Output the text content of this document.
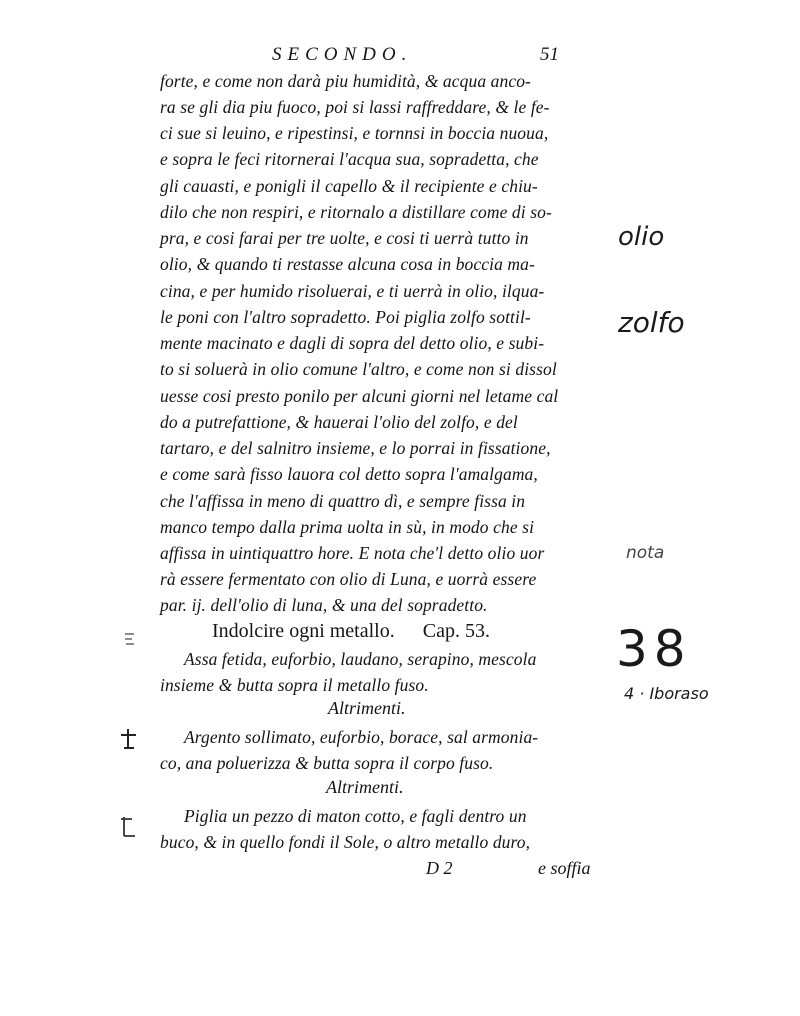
SECONDO.	51

forte, e come non darà piu humidità, & acqua anco-

ra se gli dia piu fuoco, poi si lassi raffreddare, & le fe-

ci sue si leuino, e ripestinsi, e tornnsi in boccia nuoua,

e sopra le feci ritornerai l'acqua sua, sopradetta, che

gli cauasti, e ponigli il capello & il recipiente e chiu-

dilo che non respiri, e ritornalo a distillare come di so-

pra, e cosi farai per tre uolte, e cosi ti uerrà tutto in

olio, & quando ti restasse alcuna cosa in boccia ma-

cina, e per humido risoluerai, e ti uerrà in olio, ilqua-

le poni con l'altro sopradetto. Poi piglia zolfo sottil-

mente macinato e dagli di sopra del detto olio, e subi-

to si soluerà in olio comune l'altro, e come non si dissol

uesse cosi presto ponilo per alcuni giorni nel letame cal

do a putrefattione, & hauerai l'olio del zolfo, e del

tartaro, e del salnitro insieme, e lo porrai in fissatione,

e come sarà fisso lauora col detto sopra l'amalgama,

che l'affissa in meno di quattro dì, e sempre fissa in

manco tempo dalla prima uolta in sù, in modo che si

affissa in uintiquattro hore. E nota che'l detto olio uor

rà essere fermentato con olio di Luna, e uorrà essere

par. ij. dell'olio di luna, & una del sopradetto.

Indolcire ogni metallo. Cap. 53.

Assa fetida, euforbio, laudano, serapino, mescola

insieme & butta sopra il metallo fuso.

Altrimenti.

Argento sollimato, euforbio, borace, sal armonia-

co, ana poluerizza & butta sopra il corpo fuso.

Altrimenti.

Piglia un pezzo di maton cotto, e fagli dentro un

buco, & in quello fondi il Sole, o altro metallo duro,

D 2	e soffia
olio
zolfo
nota
38
4 · Iboraso
